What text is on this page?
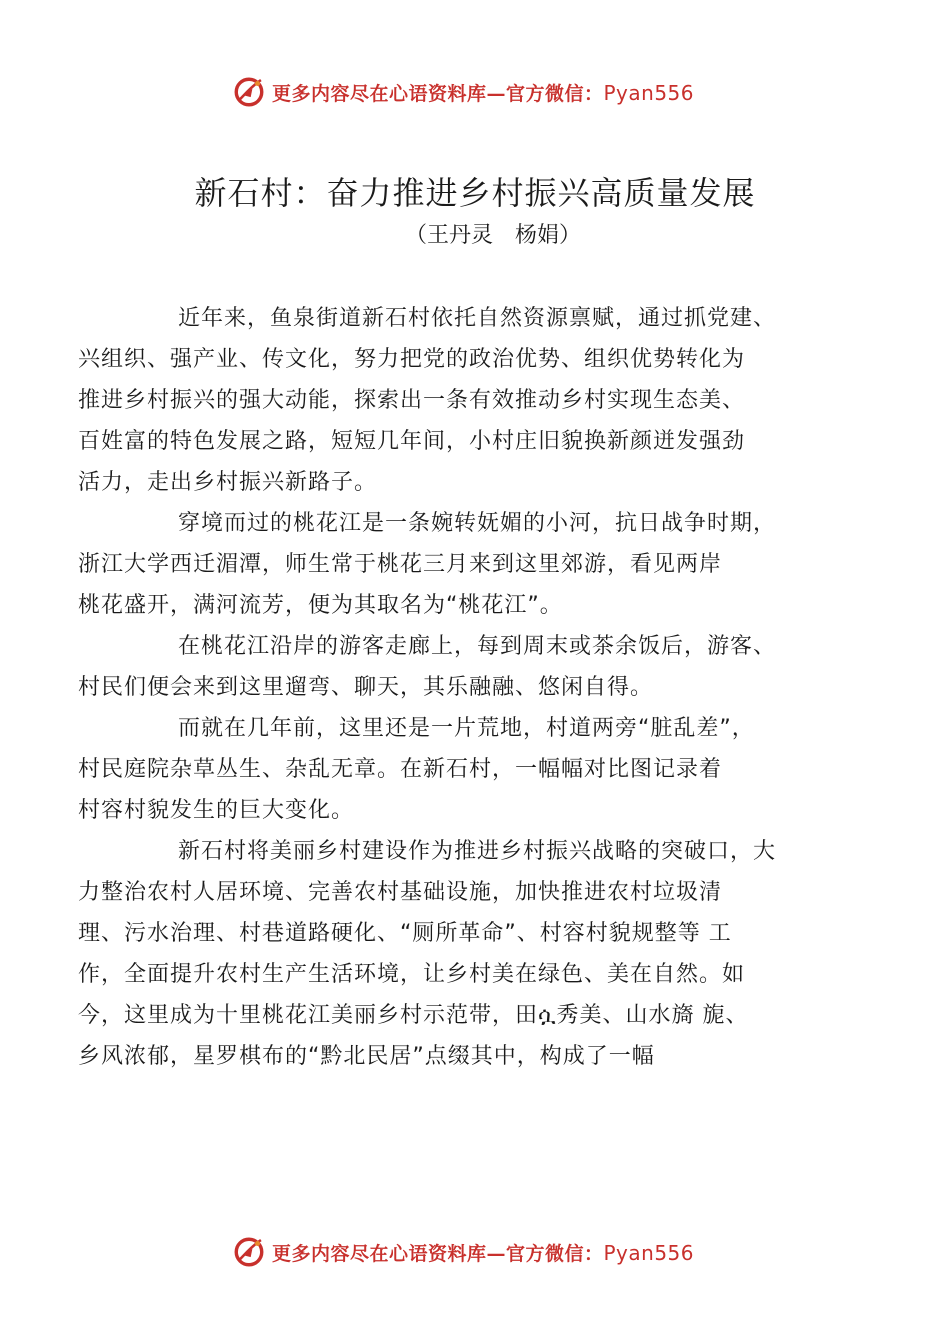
更多内容尽在心语资料库—官方微信：Pyan556
新石村：奋力推进乡村振兴高质量发展
（王丹灵　杨娟）

近年来，鱼泉街道新石村依托自然资源禀赋，通过抓党建、
兴组织、强产业、传文化，努力把党的政治优势、组织优势转化为
推进乡村振兴的强大动能，探索出一条有效推动乡村实现生态美、
百姓富的特色发展之路，短短几年间，小村庄旧貌换新颜迸发强劲
活力，走出乡村振兴新路子。

穿境而过的桃花江是一条婉转妩媚的小河，抗日战争时期，
浙江大学西迁湄潭，师生常于桃花三月来到这里郊游，看见两岸
桃花盛开，满河流芳，便为其取名为“桃花江”。

在桃花江沿岸的游客走廊上，每到周末或茶余饭后，游客、
村民们便会来到这里遛弯、聊天，其乐融融、悠闲自得。

而就在几年前，这里还是一片荒地，村道两旁“脏乱差”，
村民庭院杂草丛生、杂乱无章。在新石村，一幅幅对比图记录着
村容村貌发生的巨大变化。

新石村将美丽乡村建设作为推进乡村振兴战略的突破口，大
力整治农村人居环境、完善农村基础设施，加快推进农村垃圾清
理、污水治理、村巷道路硬化、“厕所革命”、村容村貌规整等 工
作，全面提升农村生产生活环境，让乡村美在绿色、美在自然。如
今，这里成为十里桃花江美丽乡村示范带，田ሷ秀美、山水旖 旎、
乡风浓郁，星罗棋布的“黔北民居”点缀其中，构成了一幅

更多内容尽在心语资料库—官方微信：Pyan556
